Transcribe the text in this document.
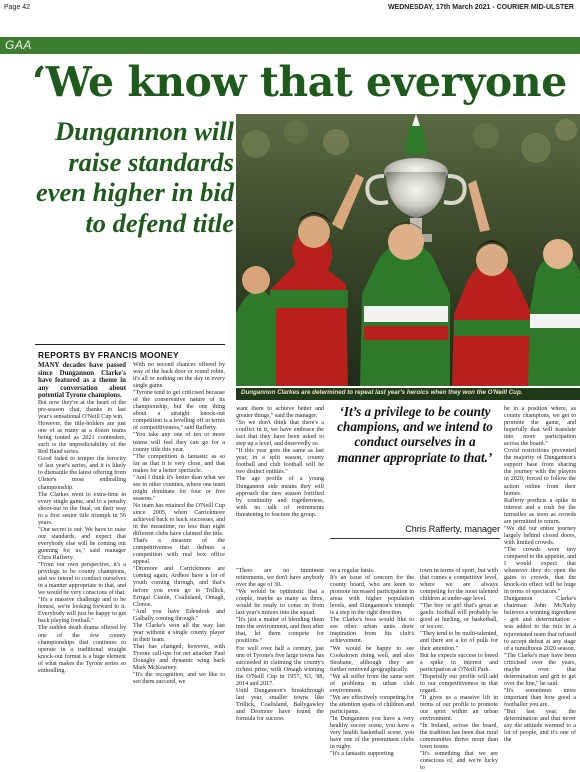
Page 42	WEDNESDAY, 17th March 2021 - COURIER MID-ULSTER
GAA
‘We know that everyone
Dungannon will raise standards even higher in bid to defend title
Dungannon Clarkes are determined to repeat last year's heroics when they won the O'Neill Cup.
REPORTS BY FRANCIS MOONEY
‘It’s a privilege to be county champions, and we intend to conduct ourselves in a manner appropriate to that.’
Chris Rafferty, manager

MANY decades have passed since Dungannon Clarke's have featured as a theme in any conversation about potential Tyrone champions.

But now they're at the heart of the pre-season chat, thanks to last year's sensational O'Neill Cup win.

However, the title-holders are just one of as many as a dozen teams being touted as 2021 contenders, such is the unpredictability of the Red Hand series.

Good faded to temper the ferocity of last year's series, and it is likely to dismantle the latest offering from Ulster's most enthralling championship.

The Clarkes went to extra-time in every single game, and to a penalty shoot-out in the final, on their way to a first senior title triumph in 56 years.

"Our secret is out. We have to raise our standards, and expect that everybody else will be coming out gunning for us," said manager Chris Rafferty.

"From our own perspective, it's a privilege to be county champions, and we intend to conduct ourselves in a manner appropriate to that, and we would be very conscious of that.

"It's a massive challenge and to be honest, we're looking forward to it. Everybody will just be happy to get back playing football."

The sudden death drama offered by one of the few county championships that continues to operate in a traditional straight knock-out format is a huge element of what makes the Tyrone series so enthralling.

With no second chances offered by way of the back door or round robin, it's all or nothing on the day in every single game.

"Tyrone tend to get criticised because of the conservative nature of its championship, but the one thing about a straight knock-out competition is a levelling off in terms of competitiveness," said Rafferty.

"You take any one of ten or more teams will feel they can go for a county title this year.

"The competition is fantastic as so far as that it is very close, and that makes for a better spectacle.

"And I think it's better than what we see in other counties, where one team might dominate for four or five seasons."

No team has retained the O'Neill Cup since 2005, when Carrickmore achieved back to back successes, and in the meantime, no less than eight different clubs have claimed the title.

That's a measure of the competitiveness that defines a competition with real box office appeal.

"Dromore and Carrickmore are coming again, Ardboe have a lot of youth coming through, and that's before you even go to Trillick, Errigal Ciarán, Coalisland, Omagh, Clonoe.

"And you have Edendork and Galbally coming through."

The Clarke's won all the way last year without a single county player in their team.

That has changed, however, with Tyrone call-ups for net attacker Paul Donaghy and dynamic wing back Mark McKearney.

"It's the recognition, and we like to see them succeed, we

want them to achieve better and greater things," said the manager.

"So we don't think that there's a conflict in it, we have embrace the fact that they have been asked to step up a level, and deservedly so.

"If this year goes the same as last year, in a split season, county football and club football will be two distinct entities."

The age profile of a young Dungannon side means they will approach the new season fortified by continuity and togetherness, with no talk of retirements threatening to fracture the group.

"There are no imminent retirements, we don't have anybody over the age of 30.

"We would be optimistic that a couple, maybe as many as three, would be ready to come in from last year's minors into the squad.

"It's just a matter of blending them into the environment, and then after that, let them compete for positions."

For well over half a century, just one of Tyrone's five large towns has succeeded in claiming the county's richest prize, with Omagh winning the O'Neill Cup in 1957, '63, '88, 2014 and 2017.

Until Dungannon's breakthrough last year, smaller towns like Trillick, Coalisland, Ballygawley and Dromore have found the formula for success

on a regular basis.

It's an issue of concern for the county board, who are keen to promote increased participation in areas with higher population levels, and Dungannon's triumph is a step in the right direction.

The Clarke's boss would like to see other urban units draw inspiration from his club's achievement.

"We would be happy to see Cookstown doing well, and also Strabane, although they are further removed geographically.

"We all suffer from the same sort of problems in urban club environment.

"We are effectively competing for the attention spans of children and participants.

"In Dungannon you have a very healthy soccer scene, you have a very health basketball scene, you have one of the preeminent clubs in rugby.

"It's a fantastic supporting

town in terms of sport, but with that comes a competitive level, where we are always competing for the most talented children at under-age level.

"The boy or girl that's great at gaelic football will probably be good at hurling, or basketball, or soccer.

"They tend to be multi-talented, and there are a lot of pulls for their attention."

But he expects success to breed a spike in interest and participation at O'Neill Park.

"Hopefully our profile will add to our competitiveness in that regard.

"It gives us a massive lift in terms of our profile to promote our sport within an urban environment.

"In Ireland, across the board, the tradition has been that rural communities thrive more than town teams.

"It's something that we are conscious of, and we're lucky to

be in a position where, as county champions, we get to promote the game, and hopefully that will translate into more participation across the board."

Covid restrictions prevented the majority of Dungannon's support base from sharing the journey with the players in 2020, forced to follow the action online from their homes.

Rafferty predicts a spike in interest and a rush for the turnstiles as soon as crowds are permitted to return.

"We did our entire journey largely behind closed doors, with limited crowds.

"The crowds were tiny compared to the appetite, and I would expect that whenever they do open the gates to crowds, that the knock-on effect will be huge in terms of spectators."

Dungannon Clarke's chairman John McNulty believes a winning ingredient - grit and determination - was added to the mix in a rejuvenated team that refused to accept defeat at any stage of a tumultuous 2020 season.

"The Clarke's may have been criticised over the years, maybe over that determination and grit to get over the line," he said.

"It's sometimes more important than how good a footballer you are.

"But last year, the determination and that never say die attitude warmed to a lot of people, and it's one of the
